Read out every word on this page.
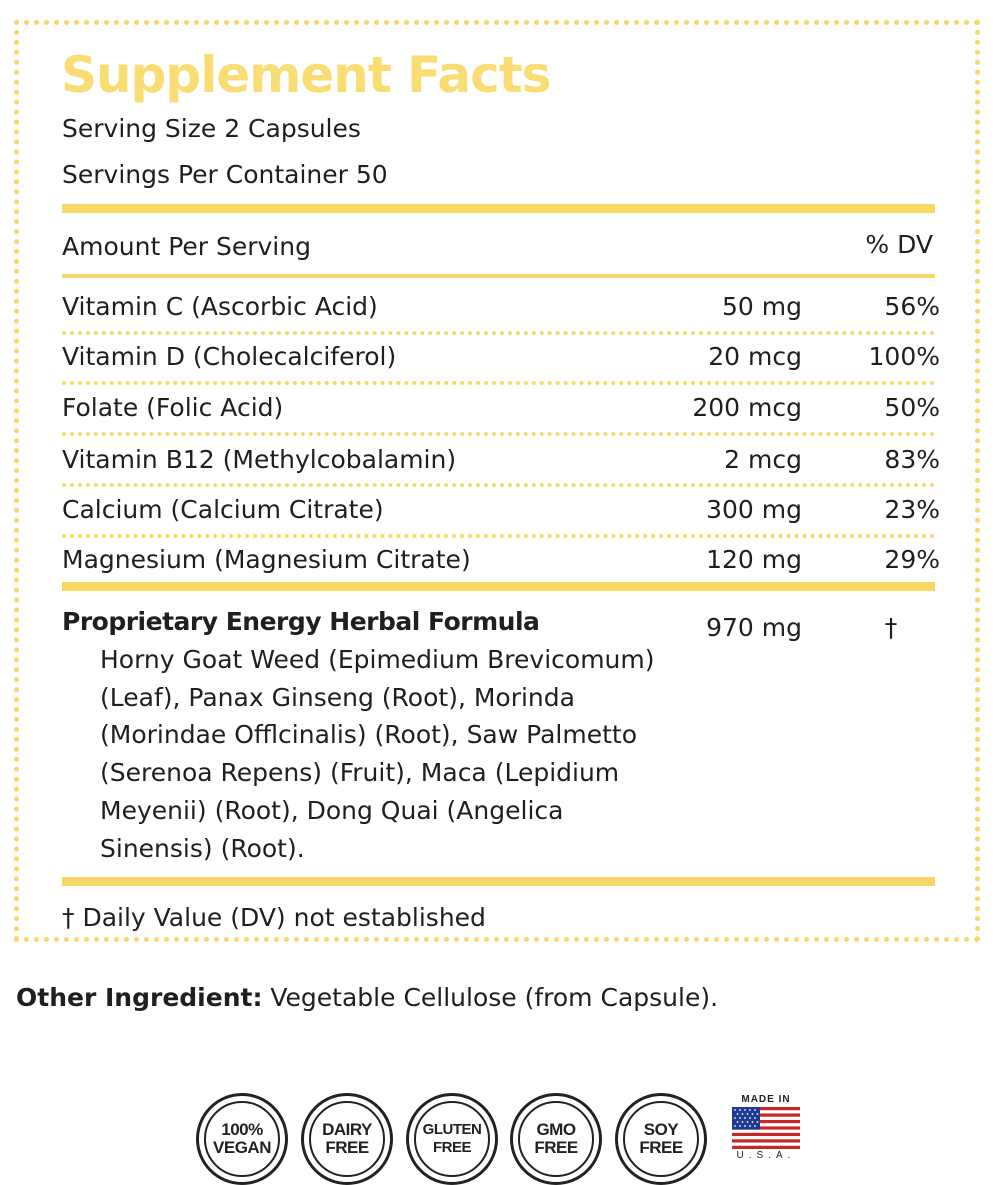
Supplement Facts
Serving Size 2 Capsules
Servings Per Container 50
Amount Per Serving	% DV
Vitamin C (Ascorbic Acid)	50 mg	56%
Vitamin D (Cholecalciferol)	20 mcg	100%
Folate (Folic Acid)	200 mcg	50%
Vitamin B12 (Methylcobalamin)	2 mcg	83%
Calcium (Calcium Citrate)	300 mg	23%
Magnesium (Magnesium Citrate)	120 mg	29%
Proprietary Energy Herbal Formula	970 mg	†
Horny Goat Weed (Epimedium Brevicomum) (Leaf), Panax Ginseng (Root), Morinda (Morindae Offlcinalis) (Root), Saw Palmetto (Serenoa Repens) (Fruit), Maca (Lepidium Meyenii) (Root), Dong Quai (Angelica Sinensis) (Root).
† Daily Value (DV) not established
Other Ingredient: Vegetable Cellulose (from Capsule).
100%
VEGAN
DAIRY
FREE
GLUTEN
FREE
GMO
FREE
SOY
FREE
MADE IN
U.S.A.
